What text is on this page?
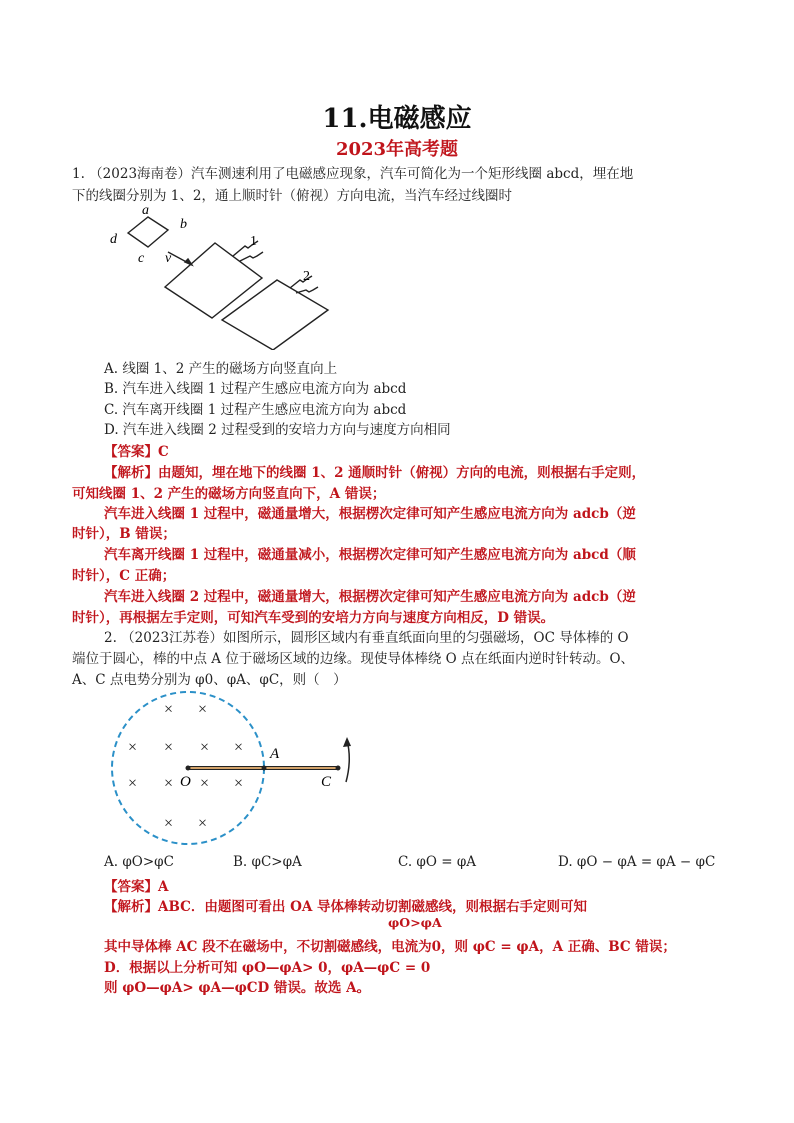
11.电磁感应
2023年高考题
1. （2023海南卷）汽车测速利用了电磁感应现象，汽车可简化为一个矩形线圈 abcd，埋在地
下的线圈分别为 1、2，通上顺时针（俯视）方向电流，当汽车经过线圈时
a
b
d
c v
1
2
A. 线圈 1、2 产生的磁场方向竖直向上
B. 汽车进入线圈 1 过程产生感应电流方向为 abcd
C. 汽车离开线圈 1 过程产生感应电流方向为 abcd
D. 汽车进入线圈 2 过程受到的安培力方向与速度方向相同
【答案】C
【解析】由题知，埋在地下的线圈 1、2 通顺时针（俯视）方向的电流，则根据右手定则，
可知线圈 1、2 产生的磁场方向竖直向下，A 错误；
汽车进入线圈 1 过程中，磁通量增大，根据楞次定律可知产生感应电流方向为 adcb（逆
时针），B 错误；
汽车离开线圈 1 过程中，磁通量减小，根据楞次定律可知产生感应电流方向为 abcd（顺
时针），C 正确；
汽车进入线圈 2 过程中，磁通量增大，根据楞次定律可知产生感应电流方向为 adcb（逆
时针），再根据左手定则，可知汽车受到的安培力方向与速度方向相反，D 错误。
2. （2023江苏卷）如图所示，圆形区域内有垂直纸面向里的匀强磁场，OC 导体棒的 O
端位于圆心，棒的中点 A 位于磁场区域的边缘。现使导体棒绕 O 点在纸面内逆时针转动。O、
A、C 点电势分别为 φ0、φA、φC，则（　）
× ×
× × × ×
× × × ×
× ×
O
A
C
A. φO>φC	B. φC>φA	C. φO = φA	D. φO − φA = φA − φC
【答案】A
【解析】ABC．由题图可看出 OA 导体棒转动切割磁感线，则根据右手定则可知
φO>φA
其中导体棒 AC 段不在磁场中，不切割磁感线，电流为0，则 φC = φA，A 正确、BC 错误；
D．根据以上分析可知 φO—φA> 0，φA—φC = 0
则 φO—φA> φA—φCD 错误。故选 A。
